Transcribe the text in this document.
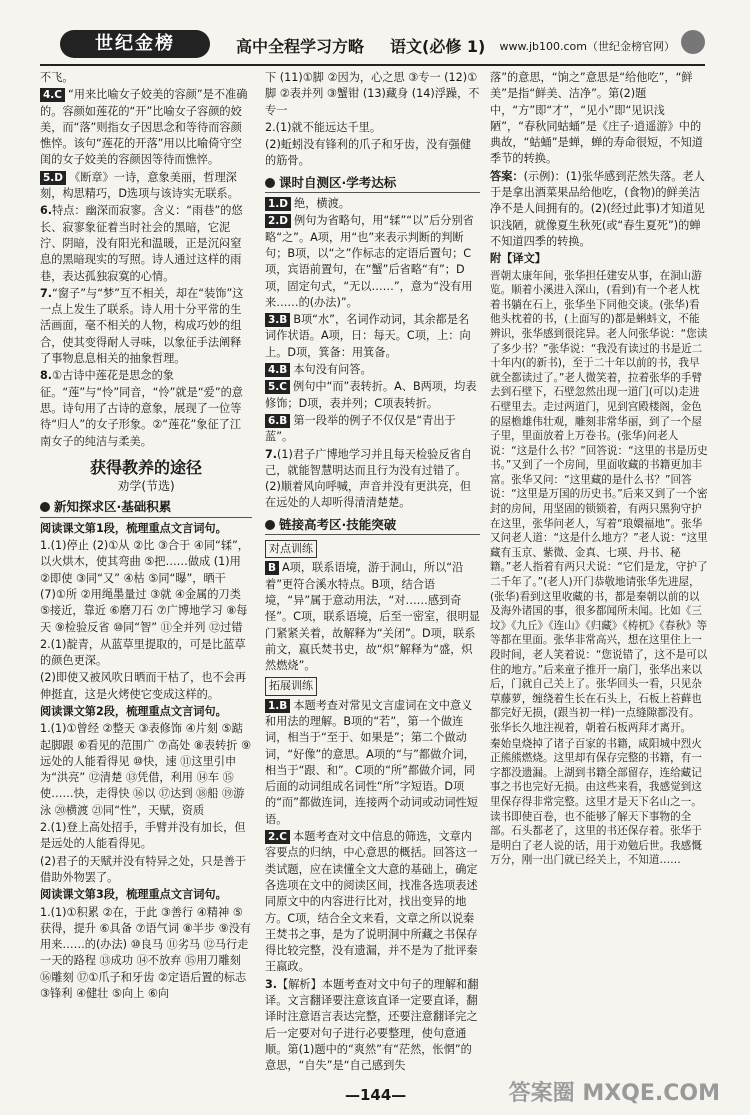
世纪金榜	高中全程学习方略 语文(必修 1) www.jb100.com（世纪金榜官网）

不飞。

4.C “用来比喻女子姣美的容颜”是不准确的。容颜如莲花的“开”比喻女子容颜的姣美，而“落”则指女子因思念和等待而容颜憔悴。该句“莲花的开落”用以比喻倚守空闺的女子姣美的容颜因等待而憔悴。

5.D 《断章》一诗，意象美丽，哲理深刻，构思精巧，D选项与该诗实无联系。

6.特点：幽深而寂寥。含义：“雨巷”的悠长、寂寥象征着当时社会的黑暗，它泥泞、阴暗，没有阳光和温暖，正是沉闷窒息的黑暗现实的写照。诗人通过这样的雨巷，表达孤独寂寞的心情。

7.“窗子”与“梦”互不相关，却在“装饰”这一点上发生了联系。诗人用十分平常的生活画面，毫不相关的人物，构成巧妙的组合，使其变得耐人寻味，以象征手法阐释了事物息息相关的抽象哲理。

8.①古诗中莲花是思念的象征。“莲”与“怜”同音，“怜”就是“爱”的意思。诗句用了古诗的意象，展现了一位等待“归人”的女子形象。②“莲花”象征了江南女子的纯洁与柔美。

获得教养的途径
劝学(节选)
新知探求区·基础积累

阅读课文第1段，梳理重点文言词句。

1.(1)停止 (2)①从 ②比 ③合于 ④同“𫐓”，以火烘木，使其弯曲 ⑤把……做成 (1)用 ②即使 ③同“又” ④枯 ⑤同“曝”，晒干 (7)①所 ②用绳墨量过 ③就 ④金属的刀类 ⑤接近，靠近 ⑥磨刀石 ⑦广博地学习 ⑧每天 ⑨检验反省 ⑩同“智” ⑪全并列 ⑫过错

2.(1)靛青，从蓝草里提取的，可是比蓝草的颜色更深。

(2)即使又被风吹日晒而干枯了，也不会再伸挺直，这是火烤使它变成这样的。

阅读课文第2段，梳理重点文言词句。

1.(1)①曾经 ②整天 ③表修饰 ④片刻 ⑤踮起脚跟 ⑥看见的范围广 ⑦高处 ⑧表转折 ⑨远处的人能看得见 ⑩快，速 ⑪这里引申为“洪亮” ⑫清楚 ⑬凭借，利用 ⑭车 ⑮使……快，走得快 ⑯以 ⑰达到 ⑱船 ⑲游泳 ⑳横渡 ㉑同“性”，天赋，资质

2.(1)登上高处招手，手臂并没有加长，但是远处的人能看得见。

(2)君子的天赋并没有特异之处，只是善于借助外物罢了。

阅读课文第3段，梳理重点文言词句。

1.(1)①积累 ②在，于此 ③善行 ④精神 ⑤获得，提升 ⑥具备 ⑦语气词 ⑧半步 ⑨没有用来……的(办法) ⑩良马 ⑪劣马 ⑫马行走一天的路程 ⑬成功 ⑭不放弃 ⑮用刀雕刻 ⑯雕刻 ⑰①爪子和牙齿 ②定语后置的标志 ③锋利 ④健壮 ⑤向上 ⑥向

下 (11)①脚 ②因为，心之思 ③专一 (12)①脚 ②表并列 ③蟹钳 (13)藏身 (14)浮躁，不专一

2.(1)就不能远达千里。

(2)蚯蚓没有锋利的爪子和牙齿，没有强健的筋骨。

课时自测区·学考达标

1.D 绝，横渡。

2.D 例句为省略句，用“𫐓”“以”后分别省略“之”。A项，用“也”来表示判断的判断句；B项，以“之”作标志的定语后置句；C项，宾语前置句，在“蟹”后省略“有”；D项，固定句式，“无以……”，意为“没有用来……的(办法)”。

3.B B项“水”，名词作动词，其余都是名词作状语。A项，日：每天。C项，上：向上。D项，箕备：用箕备。

4.B 本句没有问答。

5.C 例句中“而”表转折。A、B两项，均表修饰；D项，表并列；C项表转折。

6.B 第一段举的例子不仅仅是“青出于蓝”。

7.(1)君子广博地学习并且每天检验反省自己，就能智慧明达而且行为没有过错了。(2)顺着风向呼喊，声音并没有更洪亮，但在远处的人却听得清清楚楚。

链接高考区·技能突破
对点训练

B A项，联系语境，游于洞山，所以“沿着”更符合溪水特点。B项，结合语境，“异”属于意动用法，“对……感到奇怪”。C项，联系语境，后至一密室，很明显门紧紧关着，故解释为“关闭”。D项，联系前文，嬴氏焚书史，故“炽”解释为“盛，炽然燃烧”。

拓展训练

1.B 本题考查对常见文言虚词在文中意义和用法的理解。B项的“若”，第一个做连词，相当于“至于、如果是”；第二个做动词，“好像”的意思。A项的“与”都做介词，相当于“跟、和”。C项的“所”都做介词，同后面的动词组成名词性“所”字短语。D项的“而”都做连词，连接两个动词或动词性短语。

2.C 本题考查对文中信息的筛选，文章内容要点的归纳，中心意思的概括。回答这一类试题，应在读懂全文大意的基础上，确定各选项在文中的阅读区间，找准各选项表述同原文中的内容进行比对，找出变异的地方。C项，结合全文来看，文章之所以说秦王焚书之事，是为了说明洞中所藏之书保存得比较完整，没有遗漏，并不是为了批评秦王嬴政。

3.【解析】本题考查对文中句子的理解和翻译。文言翻译要注意该直译一定要直译，翻译时注意语言表达完整，还要注意翻译完之后一定要对句子进行必要整理，使句意通顺。第(1)题中的“爽然”有“茫然，怅惘”的意思，“自失”是“自己感到失

落”的意思，“饷之”意思是“给他吃”，“鲜美”是指“鲜美、洁净”。第(2)题中，“方”即“才”，“见小”即“见识浅陋”，“春秋同蛄蛹”是《庄子·逍遥游》中的典故，“蛄蛹”是蝉，蝉的寿命很短，不知道季节的转换。

答案：(示例)：(1)张华感到茫然失落。老人于是拿出酒菜果品给他吃，(食物)的鲜美洁净不是人间拥有的。(2)(经过此事)才知道见识浅陋，就像夏生秋死(或“春生夏死”)的蝉不知道四季的转换。

附【译文】

晋朝太康年间，张华担任建安从事，在洞山游览。顺着小溪进入深山，(看到)有一个老人枕着书躺在石上，张华坐下同他交谈。(张华)看他头枕着的书，(上面写的)都是蝌蚪文，不能辨识，张华感到很诧异。老人问张华说：“您读了多少书？”张华说：“我没有读过的书是近二十年内(的新书)，至于二十年以前的书，我早就全都读过了。”老人微笑着，拉着张华的手臂去到石壁下，石壁忽然出现一道门(可以)走进石壁里去。走过两道门，见到宫殿楼阁，金色的屋檐雄伟壮观，雕刻非常华丽，到了一个屋子里，里面放着上万卷书。(张华)问老人说：“这是什么书？”回答说：“这里的书是历史书。”又到了一个房间，里面收藏的书籍更加丰富。张华又问：“这里藏的是什么书？”回答说：“这里是万国的历史书。”后来又到了一个密封的房间，用坚固的锁锁着，有两只黑狗守护在这里，张华问老人，写着“琅嬛福地”。张华又问老人道：“这是什么地方？”老人说：“这里藏有玉京、紫微、金真、七瑛、丹书、秘籍。”老人指着有两只犬说：“它们是龙，守护了二千年了。”(老人)开门恭敬地请张华先进屋，(张华)看到这里收藏的书，都是秦朝以前的以及海外诸国的事，很多都闻所未闻。比如《三坟》《九丘》《连山》《归藏》《梼杌》《春秋》等等都在里面。张华非常高兴，想在这里住上一段时间，老人笑着说：“您说错了，这不是可以住的地方。”后来童子推开一扇门，张华出来以后，门就自己关上了。张华回头一看，只见杂草藤萝，缠绕着生长在石头上，石板上苔藓也都完好无损，(跟当初一样)一点缝隙都没有。张华长久地注视着，朝着石板两拜才离开。

秦始皇烧掉了诸子百家的书籍，咸阳城中烈火正熊熊燃烧。这里却有保存完整的书籍，有一字都没遗漏。上湖到书籍全部留存，连给藏记事之书也完好无损。由这些来看，我感觉到这里保存得非常完整。这里才是天下名山之一。读书即使百卷，也不能够了解天下事物的全部。石头都老了，这里的书还保存着。张华于是明白了老人说的话，用于劝勉后世。我感慨万分，刚一出门就已经关上，不知道……

—144—	答案圈 MXQE.COM
